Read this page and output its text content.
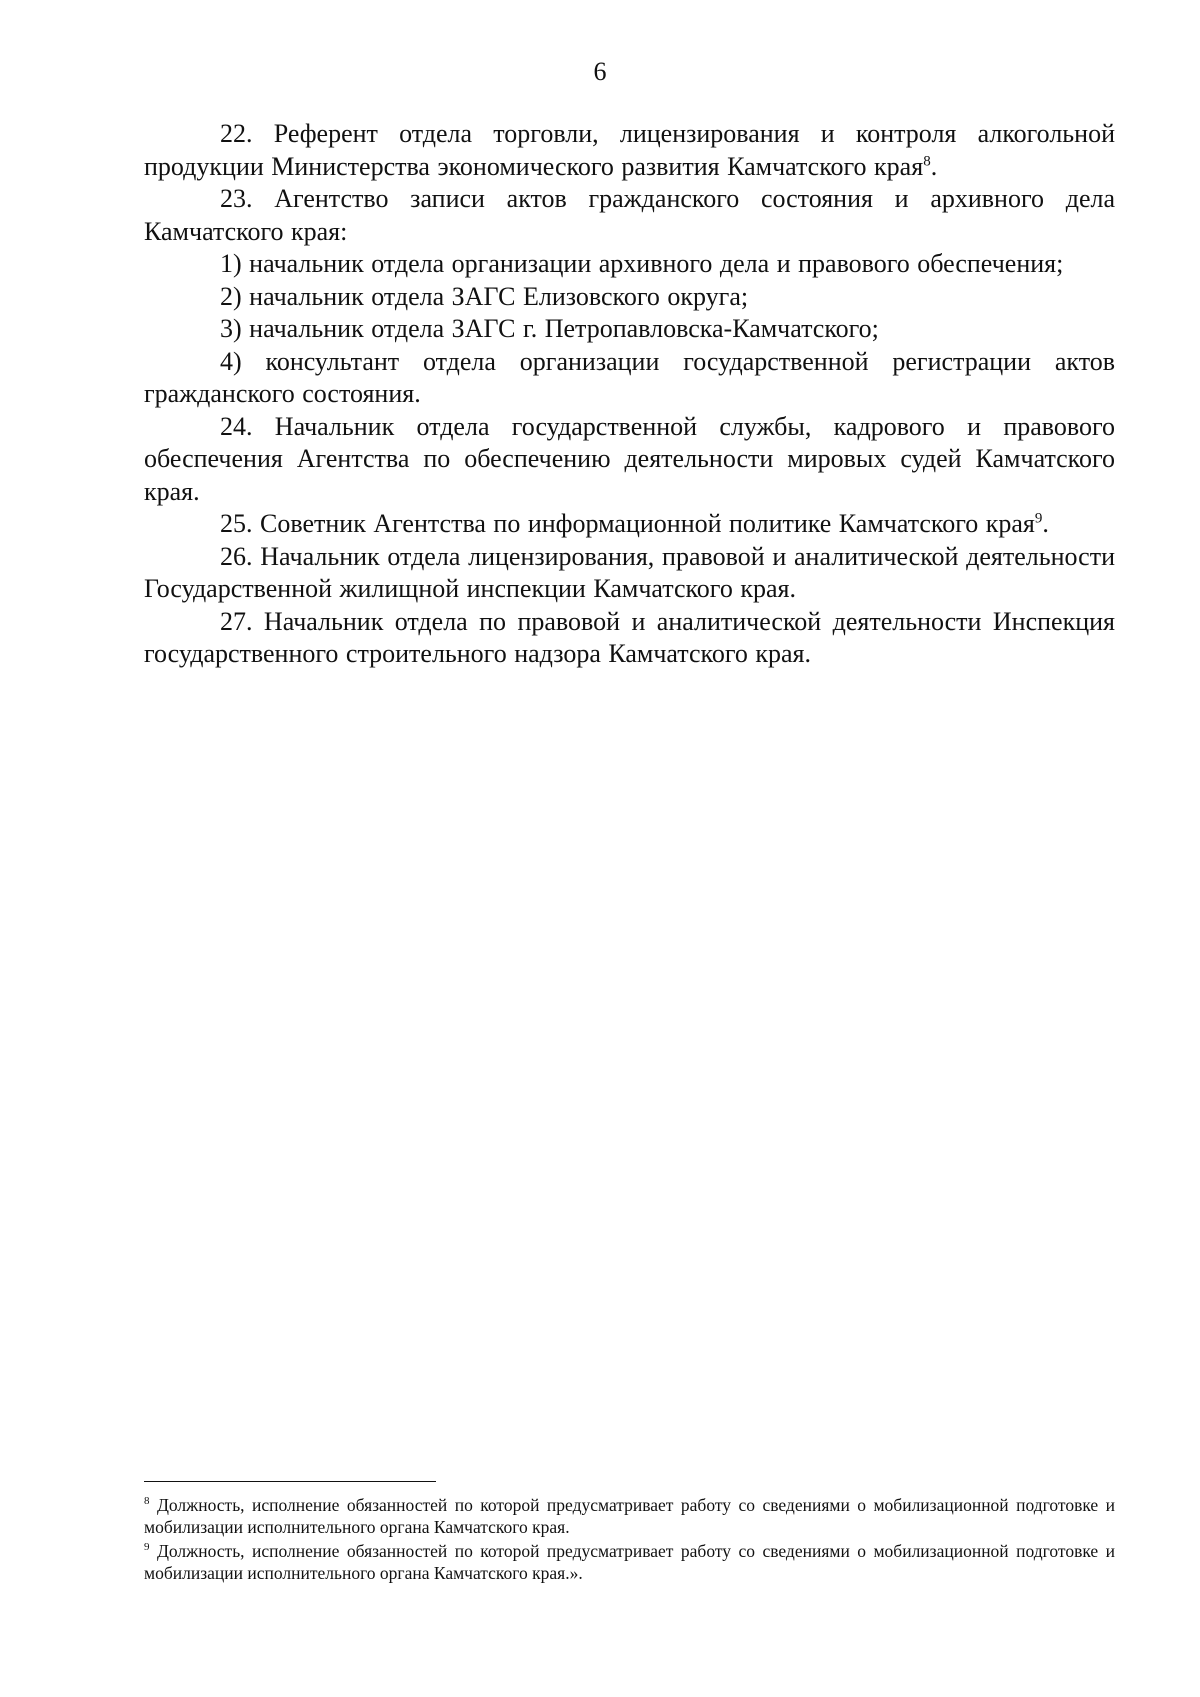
6

22. Референт отдела торговли, лицензирования и контроля алкогольной продукции Министерства экономического развития Камчатского края$^8$.

23. Агентство записи актов гражданского состояния и архивного дела Камчатского края:

1) начальник отдела организации архивного дела и правового обеспечения;

2) начальник отдела ЗАГС Елизовского округа;

3) начальник отдела ЗАГС г. Петропавловска-Камчатского;

4) консультант отдела организации государственной регистрации актов гражданского состояния.

24. Начальник отдела государственной службы, кадрового и правового обеспечения Агентства по обеспечению деятельности мировых судей Камчатского края.

25. Советник Агентства по информационной политике Камчатского края$^9$.

26. Начальник отдела лицензирования, правовой и аналитической деятельности Государственной жилищной инспекции Камчатского края.

27. Начальник отдела по правовой и аналитической деятельности Инспекция государственного строительного надзора Камчатского края.

$^8$ Должность, исполнение обязанностей по которой предусматривает работу со сведениями о мобилизационной подготовке и мобилизации исполнительного органа Камчатского края.

$^9$ Должность, исполнение обязанностей по которой предусматривает работу со сведениями о мобилизационной подготовке и мобилизации исполнительного органа Камчатского края.».
